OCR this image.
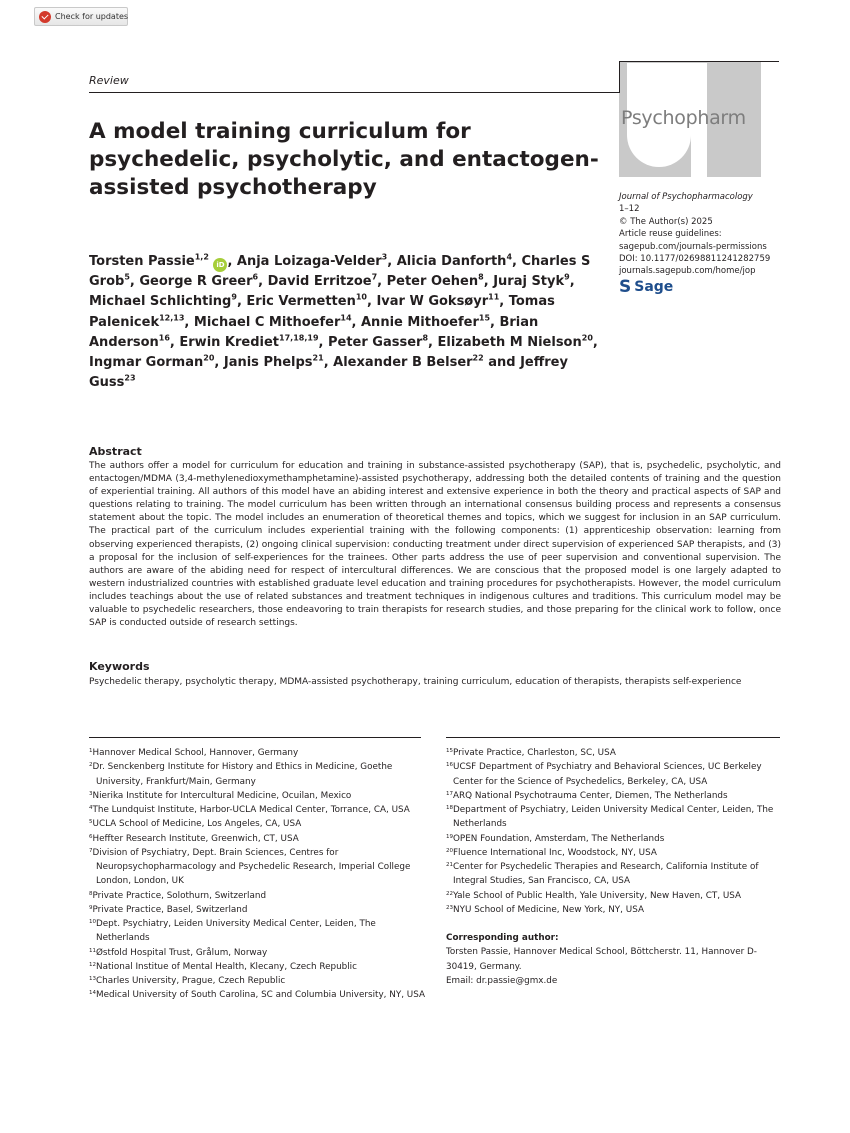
Check for updates
Review
Psychopharm
A model training curriculum for psychedelic, psycholytic, and entactogen-assisted psychotherapy	Journal of Psychopharmacology
1–12
© The Author(s) 2025
Article reuse guidelines:
sagepub.com/journals-permissions
DOI: 10.1177/02698811241282759
journals.sagepub.com/home/jop
S Sage
Torsten Passie$^{1,2}$ iD , Anja Loizaga-Velder$^3$, Alicia Danforth$^4$, Charles S Grob$^5$, George R Greer$^6$, David Erritzoe$^7$, Peter Oehen$^8$, Juraj Styk$^9$, Michael Schlichting$^9$, Eric Vermetten$^{10}$, Ivar W Goksøyr$^{11}$, Tomas Palenicek$^{12,13}$, Michael C Mithoefer$^{14}$, Annie Mithoefer$^{15}$, Brian Anderson$^{16}$, Erwin Krediet$^{17,18,19}$, Peter Gasser$^8$, Elizabeth M Nielson$^{20}$, Ingmar Gorman$^{20}$, Janis Phelps$^{21}$, Alexander B Belser$^{22}$ and Jeffrey Guss$^{23}$
Abstract
The authors offer a model for curriculum for education and training in substance-assisted psychotherapy (SAP), that is, psychedelic, psycholytic, and entactogen/MDMA (3,4-methylenedioxymethamphetamine)-assisted psychotherapy, addressing both the detailed contents of training and the question of experiential training. All authors of this model have an abiding interest and extensive experience in both the theory and practical aspects of SAP and questions relating to training. The model curriculum has been written through an international consensus building process and represents a consensus statement about the topic. The model includes an enumeration of theoretical themes and topics, which we suggest for inclusion in an SAP curriculum. The practical part of the curriculum includes experiential training with the following components: (1) apprenticeship observation: learning from observing experienced therapists, (2) ongoing clinical supervision: conducting treatment under direct supervision of experienced SAP therapists, and (3) a proposal for the inclusion of self-experiences for the trainees. Other parts address the use of peer supervision and conventional supervision. The authors are aware of the abiding need for respect of intercultural differences. We are conscious that the proposed model is one largely adapted to western industrialized countries with established graduate level education and training procedures for psychotherapists. However, the model curriculum includes teachings about the use of related substances and treatment techniques in indigenous cultures and traditions. This curriculum model may be valuable to psychedelic researchers, those endeavoring to train therapists for research studies, and those preparing for the clinical work to follow, once SAP is conducted outside of research settings.
Keywords
Psychedelic therapy, psycholytic therapy, MDMA-assisted psychotherapy, training curriculum, education of therapists, therapists self-experience
$^1$Hannover Medical School, Hannover, Germany
$^2$Dr. Senckenberg Institute for History and Ethics in Medicine, Goethe University, Frankfurt/Main, Germany
$^3$Nierika Institute for Intercultural Medicine, Ocuilan, Mexico
$^4$The Lundquist Institute, Harbor-UCLA Medical Center, Torrance, CA, USA
$^5$UCLA School of Medicine, Los Angeles, CA, USA
$^6$Heffter Research Institute, Greenwich, CT, USA
$^7$Division of Psychiatry, Dept. Brain Sciences, Centres for Neuropsychopharmacology and Psychedelic Research, Imperial College London, London, UK
$^8$Private Practice, Solothurn, Switzerland
$^9$Private Practice, Basel, Switzerland
$^{10}$Dept. Psychiatry, Leiden University Medical Center, Leiden, The Netherlands
$^{11}$Østfold Hospital Trust, Grålum, Norway
$^{12}$National Institue of Mental Health, Klecany, Czech Republic
$^{13}$Charles University, Prague, Czech Republic
$^{14}$Medical University of South Carolina, SC and Columbia University, NY, USA
$^{15}$Private Practice, Charleston, SC, USA
$^{16}$UCSF Department of Psychiatry and Behavioral Sciences, UC Berkeley Center for the Science of Psychedelics, Berkeley, CA, USA
$^{17}$ARQ National Psychotrauma Center, Diemen, The Netherlands
$^{18}$Department of Psychiatry, Leiden University Medical Center, Leiden, The Netherlands
$^{19}$OPEN Foundation, Amsterdam, The Netherlands
$^{20}$Fluence International Inc, Woodstock, NY, USA
$^{21}$Center for Psychedelic Therapies and Research, California Institute of Integral Studies, San Francisco, CA, USA
$^{22}$Yale School of Public Health, Yale University, New Haven, CT, USA
$^{23}$NYU School of Medicine, New York, NY, USA
Corresponding author:
Torsten Passie, Hannover Medical School, Böttcherstr. 11, Hannover D-30419, Germany.
Email: dr.passie@gmx.de
